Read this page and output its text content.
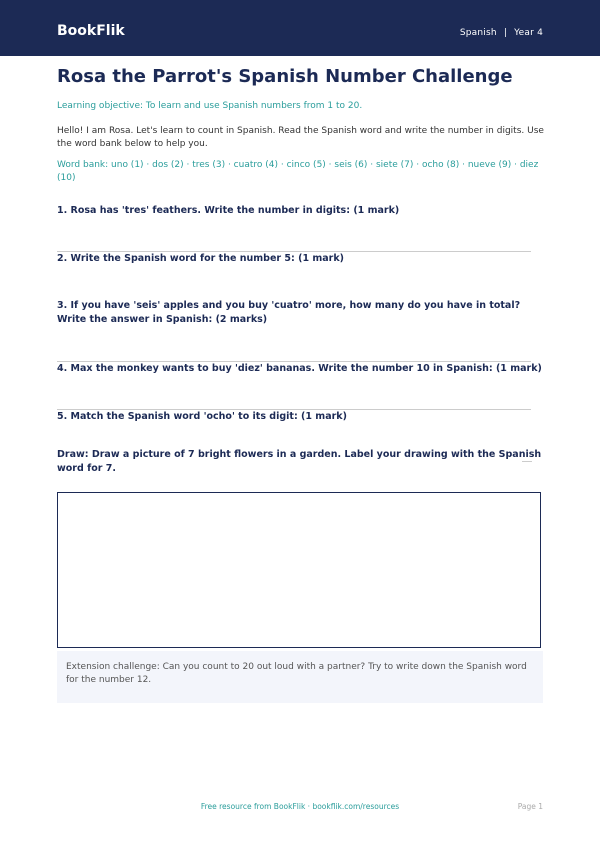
BookFlik	Spanish | Year 4
Rosa the Parrot's Spanish Number Challenge
Learning objective: To learn and use Spanish numbers from 1 to 20.
Hello! I am Rosa. Let's learn to count in Spanish. Read the Spanish word and write the number in digits. Use the word bank below to help you.
Word bank: uno (1) · dos (2) · tres (3) · cuatro (4) · cinco (5) · seis (6) · siete (7) · ocho (8) · nueve (9) · diez (10)
1. Rosa has 'tres' feathers. Write the number in digits: (1 mark)
2. Write the Spanish word for the number 5: (1 mark)
3. If you have 'seis' apples and you buy 'cuatro' more, how many do you have in total? Write the answer in Spanish: (2 marks)
4. Max the monkey wants to buy 'diez' bananas. Write the number 10 in Spanish: (1 mark)
5. Match the Spanish word 'ocho' to its digit: (1 mark)
Draw: Draw a picture of 7 bright flowers in a garden. Label your drawing with the Spanish word for 7.
Extension challenge: Can you count to 20 out loud with a partner? Try to write down the Spanish word for the number 12.
Free resource from BookFlik · bookflik.com/resources	Page 1
